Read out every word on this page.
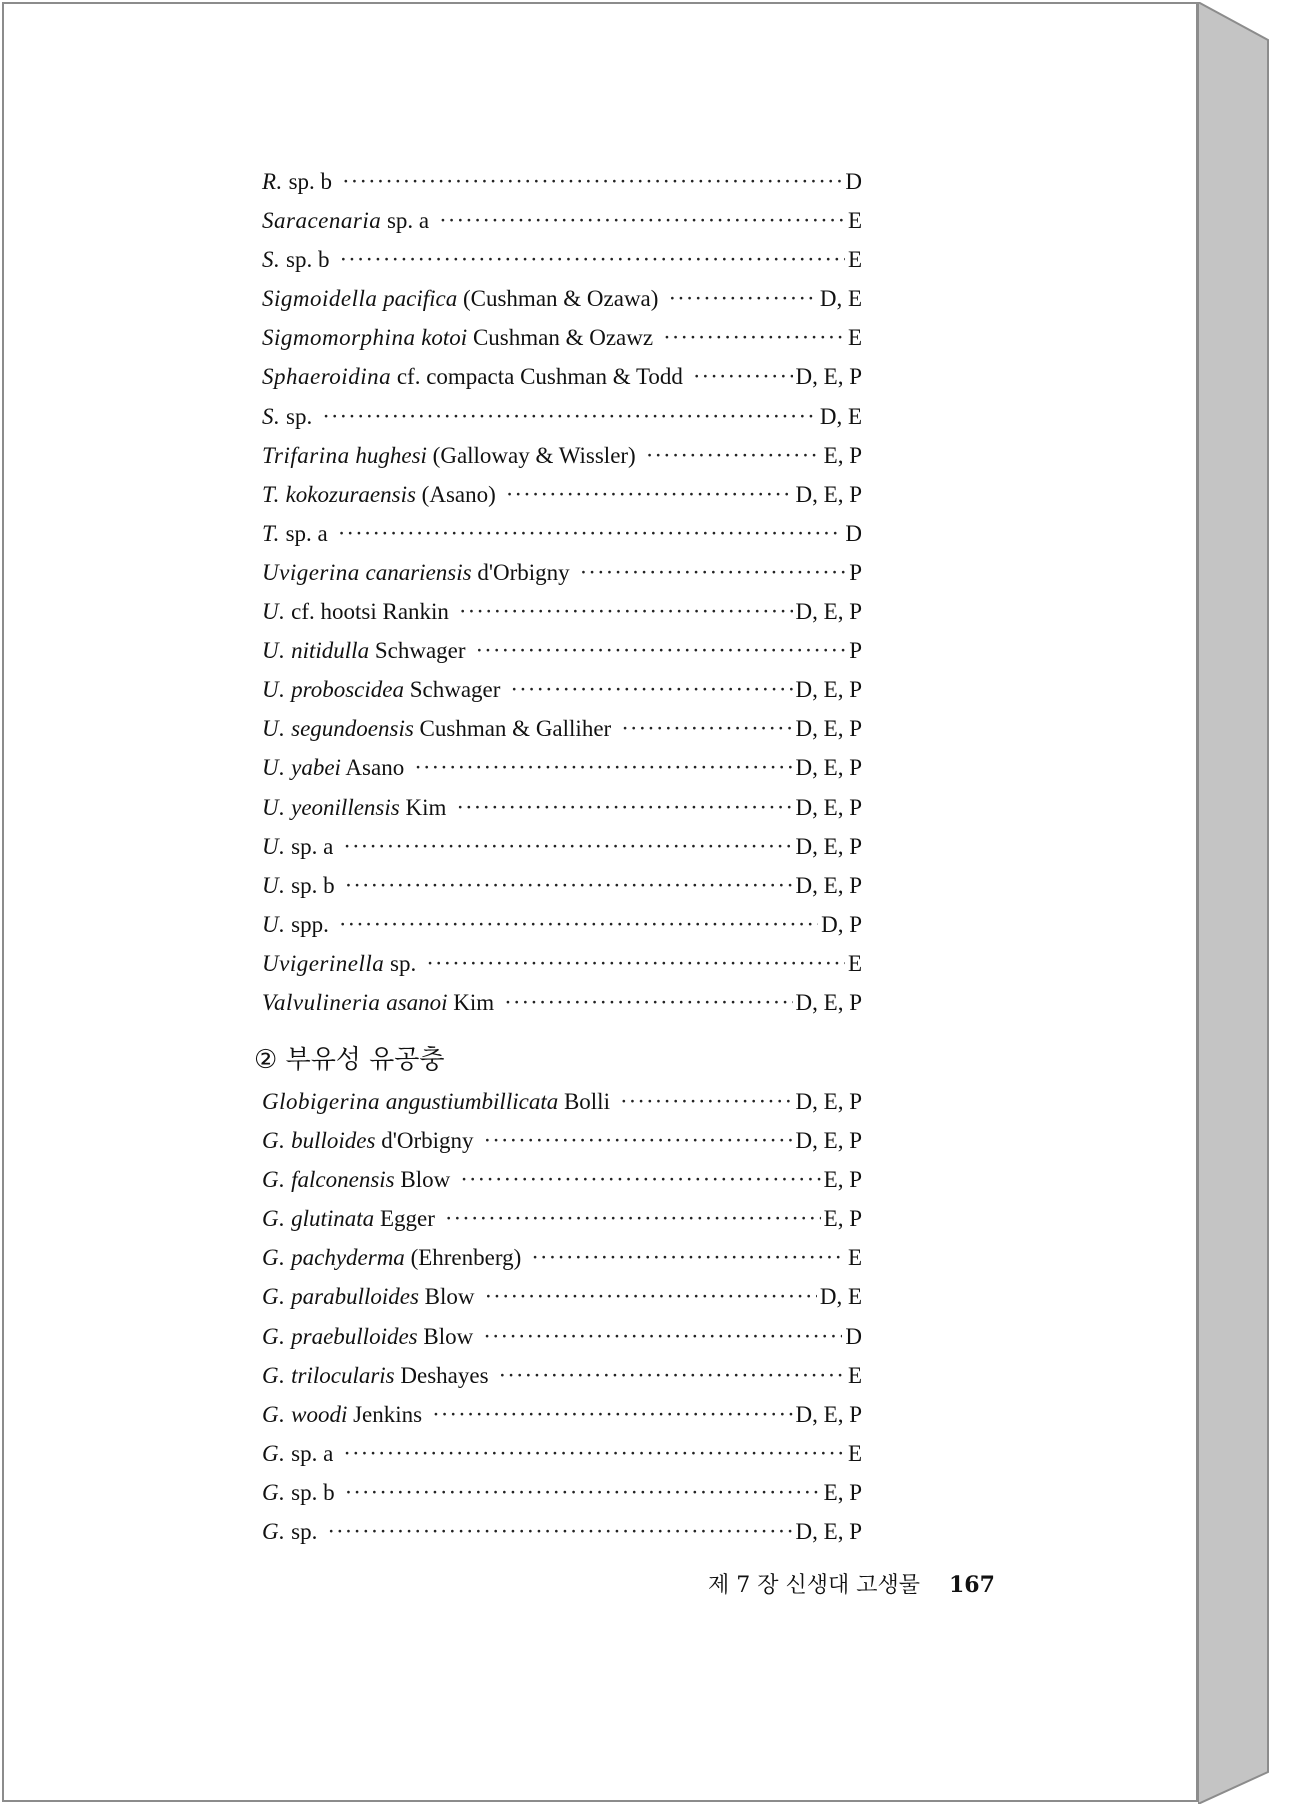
R. sp. b ·····	D
Saracenaria sp. a ·····	E
S. sp. b ·····	E
Sigmoidella pacifica (Cushman & Ozawa) ·····	D, E
Sigmomorphina kotoi Cushman & Ozawz ·····	E
Sphaeroidina cf. compacta Cushman & Todd ·····	D, E, P
S. sp. ·····	D, E
Trifarina hughesi (Galloway & Wissler) ·····	E, P
T. kokozuraensis (Asano) ·····	D, E, P
T. sp. a ·····	D
Uvigerina canariensis d'Orbigny ·····	P
U. cf. hootsi Rankin ·····	D, E, P
U. nitidulla Schwager ·····	P
U. proboscidea Schwager ·····	D, E, P
U. segundoensis Cushman & Galliher ·····	D, E, P
U. yabei Asano ·····	D, E, P
U. yeonillensis Kim ·····	D, E, P
U. sp. a ·····	D, E, P
U. sp. b ·····	D, E, P
U. spp. ·····	D, P
Uvigerinella sp. ·····	E
Valvulineria asanoi Kim ·····	D, E, P
② 부유성 유공충
Globigerina angustiumbillicata Bolli ·····	D, E, P
G. bulloides d'Orbigny ·····	D, E, P
G. falconensis Blow ·····	E, P
G. glutinata Egger ·····	E, P
G. pachyderma (Ehrenberg) ·····	E
G. parabulloides Blow ·····	D, E
G. praebulloides Blow ·····	D
G. trilocularis Deshayes ·····	E
G. woodi Jenkins ·····	D, E, P
G. sp. a ·····	E
G. sp. b ·····	E, P
G. sp. ·····	D, E, P
제 7 장 신생대 고생물 167
